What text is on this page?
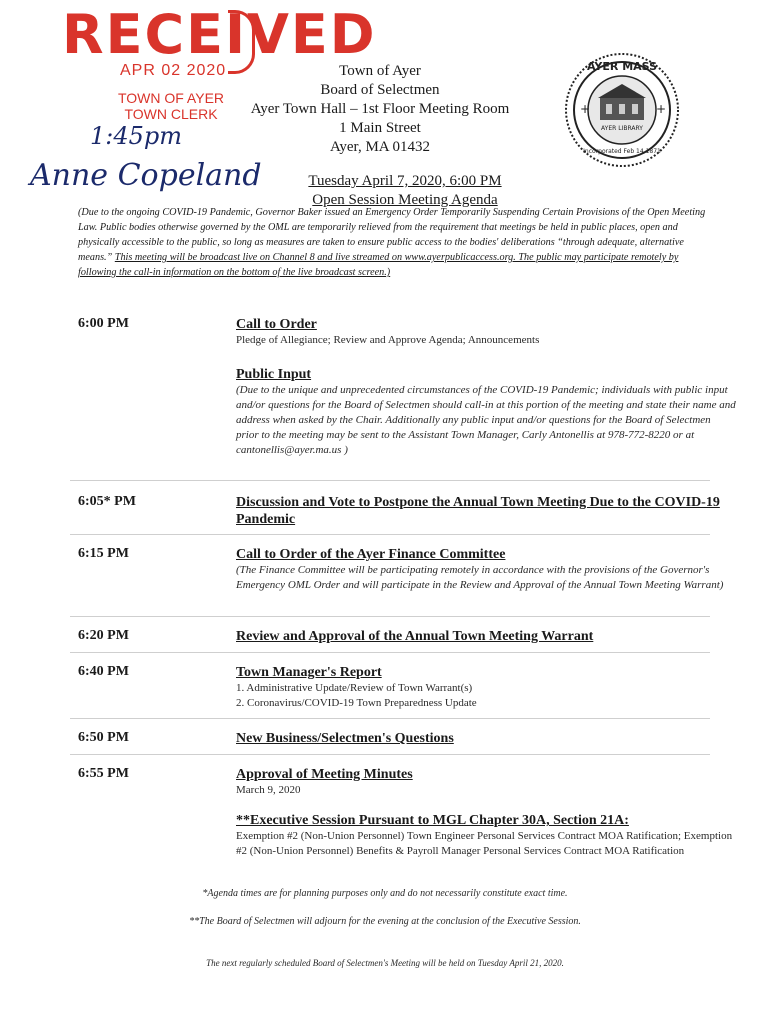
RECEIVED
APR 02 2020
TOWN OF AYER
TOWN CLERK
1:45pm
Anne Copeland
Town of Ayer
Board of Selectmen
Ayer Town Hall – 1st Floor Meeting Room
1 Main Street
Ayer, MA 01432
AYER MASS
AYER LIBRARY
Incorporated Feb 14 1871
+	+
Tuesday April 7, 2020, 6:00 PM
Open Session Meeting Agenda
(Due to the ongoing COVID-19 Pandemic, Governor Baker issued an Emergency Order Temporarily Suspending Certain Provisions of the Open Meeting Law. Public bodies otherwise governed by the OML are temporarily relieved from the requirement that meetings be held in public places, open and physically accessible to the public, so long as measures are taken to ensure public access to the bodies' deliberations “through adequate, alternative means.” This meeting will be broadcast live on Channel 8 and live streamed on www.ayerpublicaccess.org. The public may participate remotely by following the call-in information on the bottom of the live broadcast screen.)
6:00 PM	Call to Order
Pledge of Allegiance; Review and Approve Agenda; Announcements
Public Input
(Due to the unique and unprecedented circumstances of the COVID-19 Pandemic; individuals with public input and/or questions for the Board of Selectmen should call-in at this portion of the meeting and state their name and address when asked by the Chair. Additionally any public input and/or questions for the Board of Selectmen prior to the meeting may be sent to the Assistant Town Manager, Carly Antonellis at 978-772-8220 or at cantonellis@ayer.ma.us )
6:05* PM	Discussion and Vote to Postpone the Annual Town Meeting Due to the COVID-19 Pandemic
6:15 PM	Call to Order of the Ayer Finance Committee
(The Finance Committee will be participating remotely in accordance with the provisions of the Governor's Emergency OML Order and will participate in the Review and Approval of the Annual Town Meeting Warrant)
6:20 PM	Review and Approval of the Annual Town Meeting Warrant
6:40 PM	Town Manager's Report
1. Administrative Update/Review of Town Warrant(s)
2. Coronavirus/COVID-19 Town Preparedness Update
6:50 PM	New Business/Selectmen's Questions
6:55 PM	Approval of Meeting Minutes
March 9, 2020
**Executive Session Pursuant to MGL Chapter 30A, Section 21A:
Exemption #2 (Non-Union Personnel) Town Engineer Personal Services Contract MOA Ratification; Exemption #2 (Non-Union Personnel) Benefits & Payroll Manager Personal Services Contract MOA Ratification
*Agenda times are for planning purposes only and do not necessarily constitute exact time.
**The Board of Selectmen will adjourn for the evening at the conclusion of the Executive Session.
The next regularly scheduled Board of Selectmen's Meeting will be held on Tuesday April 21, 2020.
